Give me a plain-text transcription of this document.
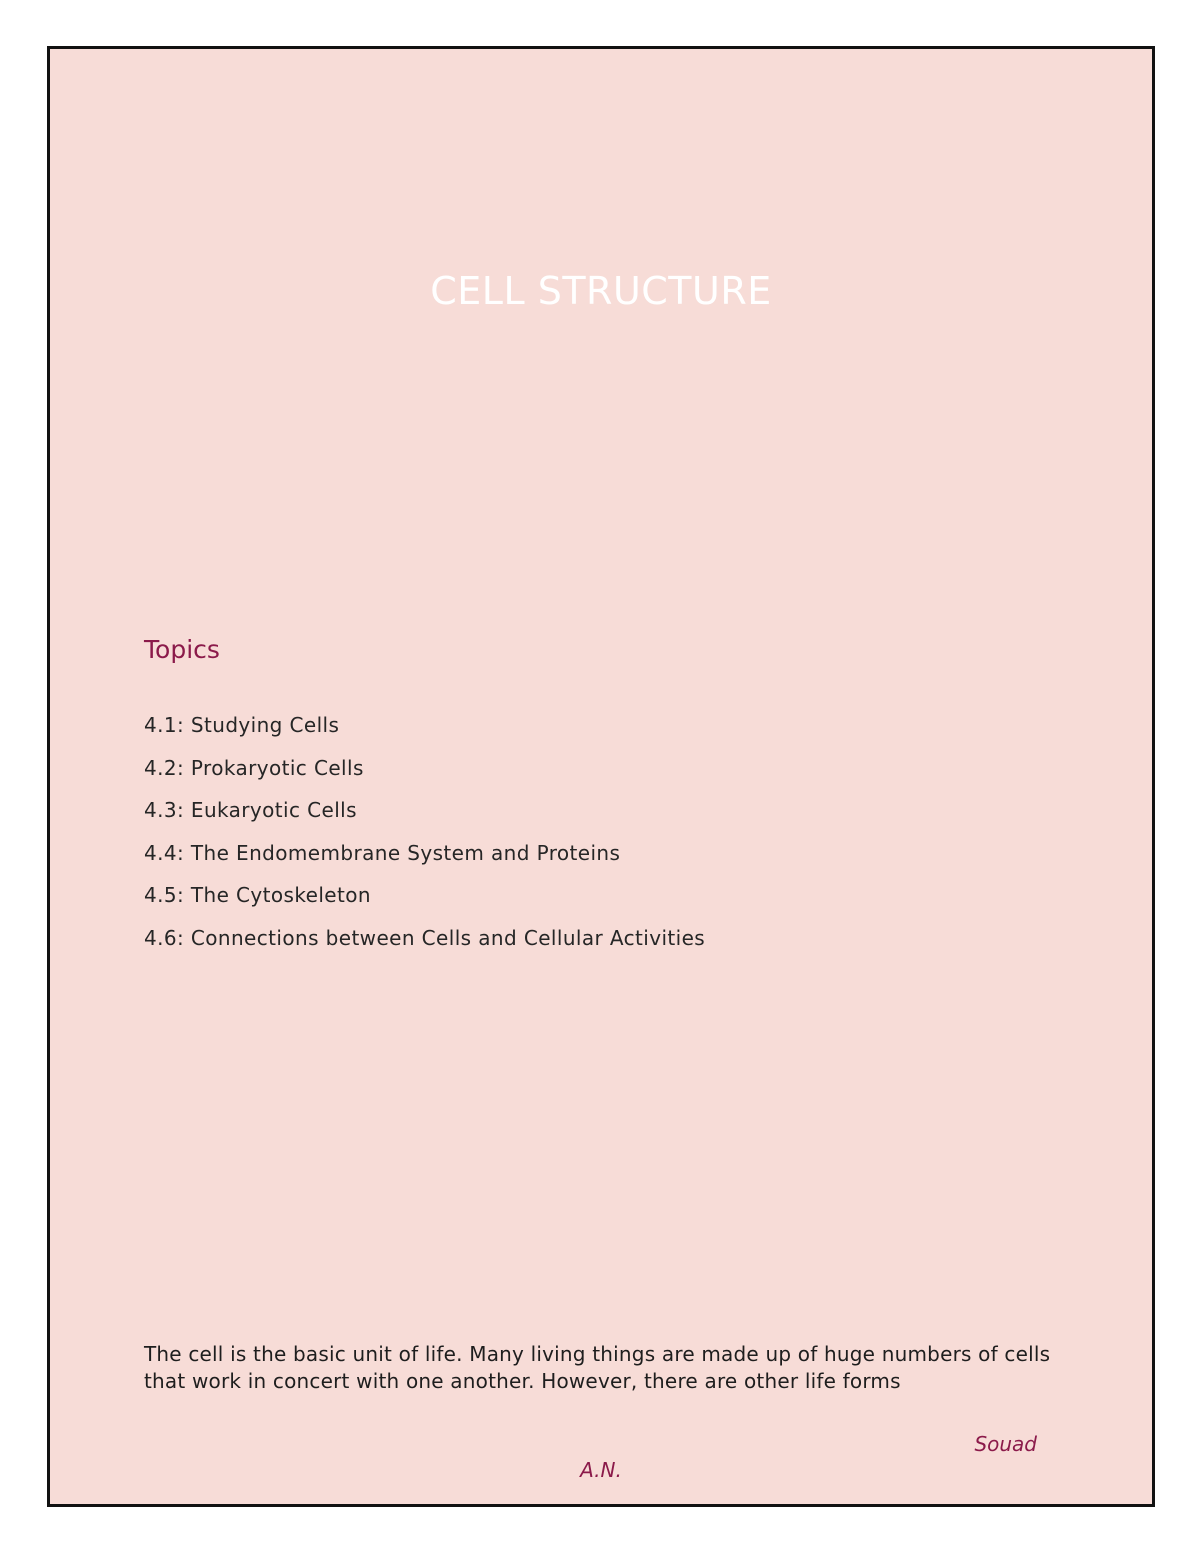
CELL STRUCTURE
Topics
4.1: Studying Cells
4.2: Prokaryotic Cells
4.3: Eukaryotic Cells
4.4: The Endomembrane System and Proteins
4.5: The Cytoskeleton
4.6: Connections between Cells and Cellular Activities

The cell is the basic unit of life. Many living things are made up of huge numbers of cells that work in concert with one another. However, there are other life forms

Souad
A.N.
